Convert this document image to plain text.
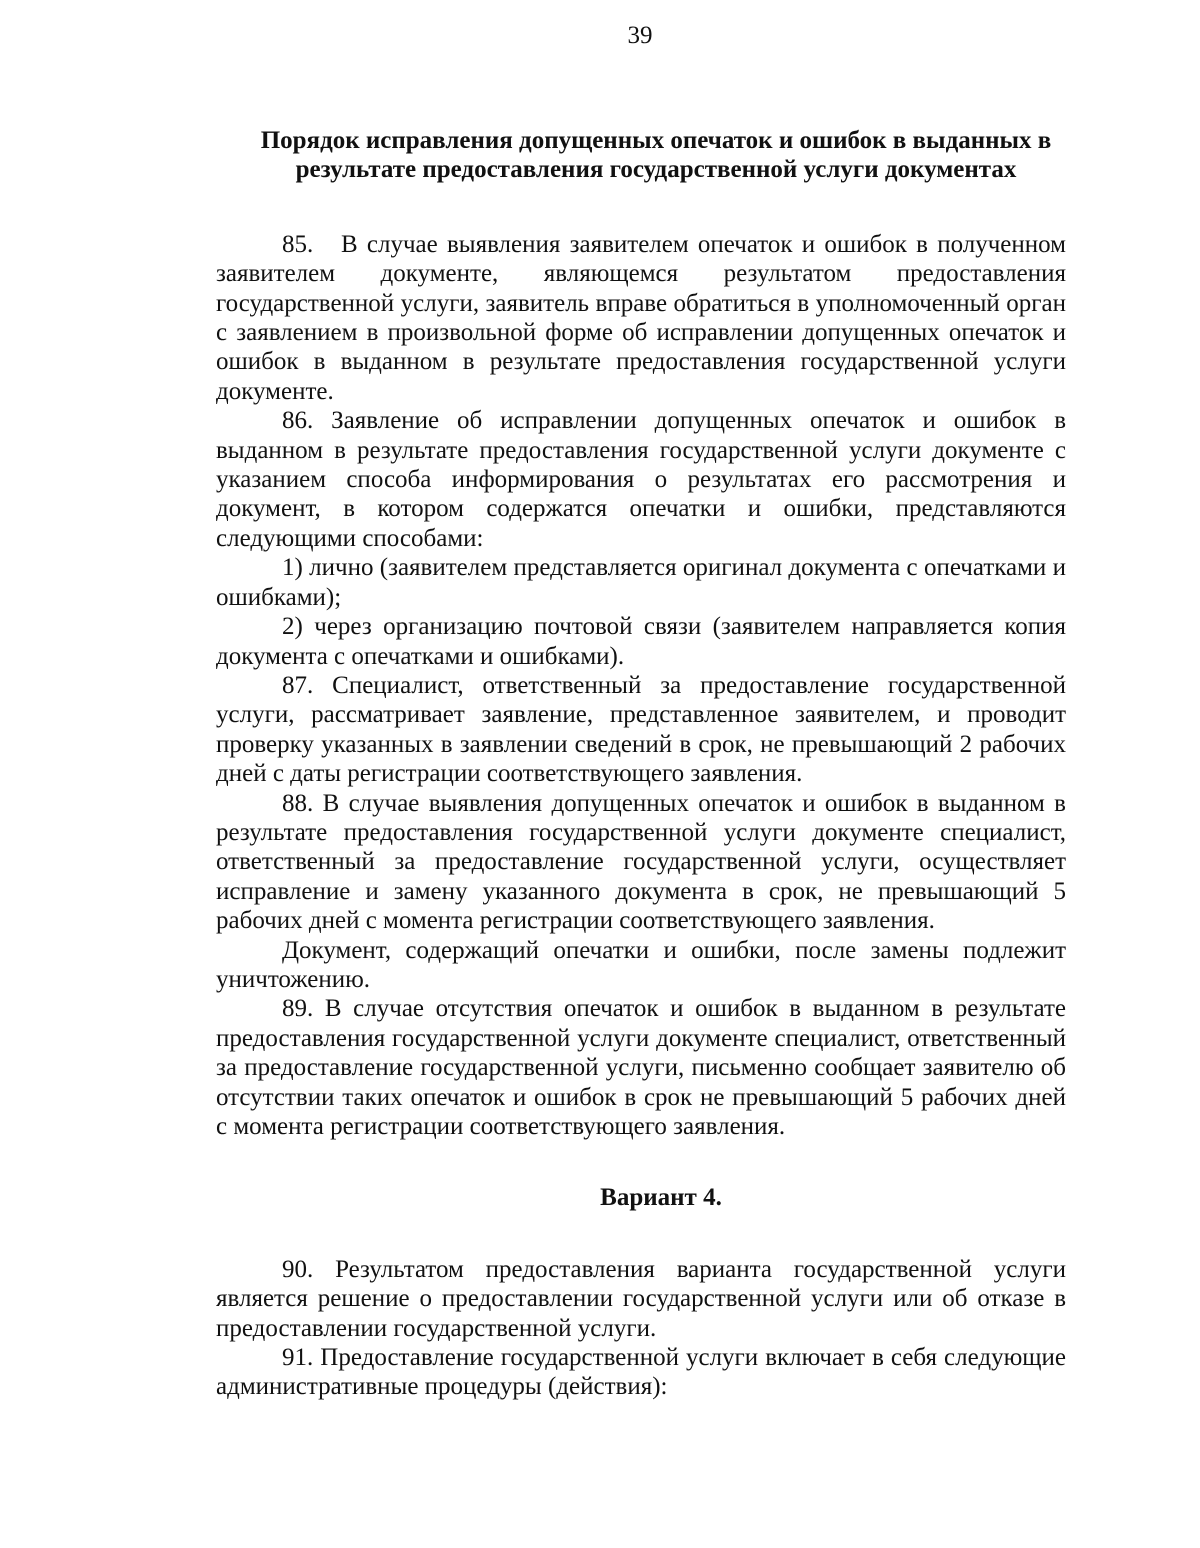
39
Порядок исправления допущенных опечаток и ошибок в выданных в результате предоставления государственной услуги документах

85.   В случае выявления заявителем опечаток и ошибок в полученном заявителем документе, являющемся результатом предоставления государственной услуги, заявитель вправе обратиться в уполномоченный орган с заявлением в произвольной форме об исправлении допущенных опечаток и ошибок в выданном в результате предоставления государственной услуги документе.

86. Заявление об исправлении допущенных опечаток и ошибок в выданном в результате предоставления государственной услуги документе с указанием способа информирования о результатах его рассмотрения и документ, в котором содержатся опечатки и ошибки, представляются следующими способами:

1) лично (заявителем представляется оригинал документа с опечатками и ошибками);

2) через организацию почтовой связи (заявителем направляется копия документа с опечатками и ошибками).

87. Специалист, ответственный за предоставление государственной услуги, рассматривает заявление, представленное заявителем, и проводит проверку указанных в заявлении сведений в срок, не превышающий 2 рабочих дней с даты регистрации соответствующего заявления.

88. В случае выявления допущенных опечаток и ошибок в выданном в результате предоставления государственной услуги документе специалист, ответственный за предоставление государственной услуги, осуществляет исправление и замену указанного документа в срок, не превышающий 5 рабочих дней с момента регистрации соответствующего заявления.

Документ, содержащий опечатки и ошибки, после замены подлежит уничтожению.

89. В случае отсутствия опечаток и ошибок в выданном в результате предоставления государственной услуги документе специалист, ответственный за предоставление государственной услуги, письменно сообщает заявителю об отсутствии таких опечаток и ошибок в срок не превышающий 5 рабочих дней с момента регистрации соответствующего заявления.

Вариант 4.

90. Результатом предоставления варианта государственной услуги является решение о предоставлении государственной услуги или об отказе в предоставлении государственной услуги.

91. Предоставление государственной услуги включает в себя следующие административные процедуры (действия):
